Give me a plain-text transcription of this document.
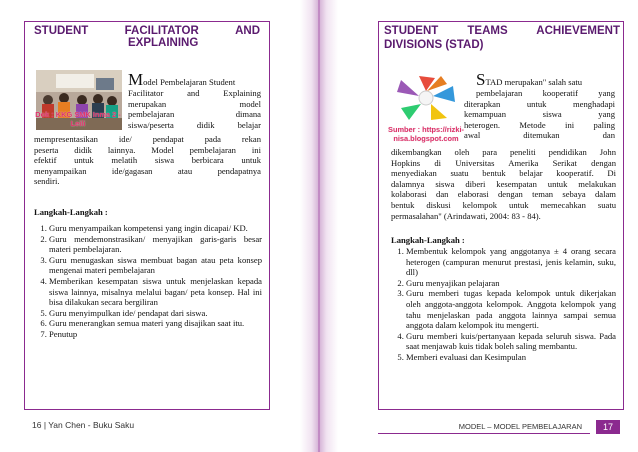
STUDENT	FACILITATOR	AND
EXPLAINING
Dok : KKG SMK Inma 2 -
Leili
Model Pembelajaran Student
Facilitator and Explaining
merupakan model
pembelajaran dimana
siswa/peserta didik belajar
mempresentasikan ide/ pendapat pada rekan
peserta didik lainnya. Model pembelajaran ini
efektif untuk melatih siswa berbicara untuk
menyampaikan ide/gagasan atau pendapatnya
sendiri.
Langkah-Langkah :
1. Guru menyampaikan kompetensi yang ingin dicapai/ KD.
2. Guru mendemonstrasikan/ menyajikan garis-garis besar materi pembelajaran.
3. Guru menugaskan siswa membuat bagan atau peta konsep mengenai materi pembelajaran
4. Memberikan kesempatan siswa untuk menjelaskan kepada siswa lainnya, misalnya melalui bagan/ peta konsep. Hal ini bisa dilakukan secara bergiliran
5. Guru menyimpulkan ide/ pendapat dari siswa.
6. Guru menerangkan semua materi yang disajikan saat itu.
7. Penutup
16 | Yan Chen - Buku Saku
STUDENT TEAMS ACHIEVEMENT
DIVISIONS (STAD)
Sumber : https://rizki-
nisa.blogspot.com
STAD merupakan" salah satu
pembelajaran kooperatif yang
diterapkan untuk menghadapi
kemampuan siswa yang
heterogen. Metode ini paling
awal ditemukan dan
dikembangkan oleh para peneliti pendidikan John
Hopkins di Universitas Amerika Serikat dengan
menyediakan suatu bentuk belajar kooperatif. Di
dalamnya siswa diberi kesempatan untuk melakukan
kolaborasi dan elaborasi dengan teman sebaya dalam
bentuk diskusi kelompok untuk memecahkan suatu
permasalahan" (Arindawati, 2004: 83 - 84).
Langkah-Langkah :
1. Membentuk kelompok yang anggotanya ± 4 orang secara heterogen (campuran menurut prestasi, jenis kelamin, suku, dll)
2. Guru menyajikan pelajaran
3. Guru memberi tugas kepada kelompok untuk dikerjakan oleh anggota-anggota kelompok. Anggota kelompok yang tahu menjelaskan pada anggota lainnya sampai semua anggota dalam kelompok itu mengerti.
4. Guru memberi kuis/pertanyaan kepada seluruh siswa. Pada saat menjawab kuis tidak boleh saling membantu.
5. Memberi evaluasi dan Kesimpulan
MODEL – MODEL PEMBELAJARAN	17
